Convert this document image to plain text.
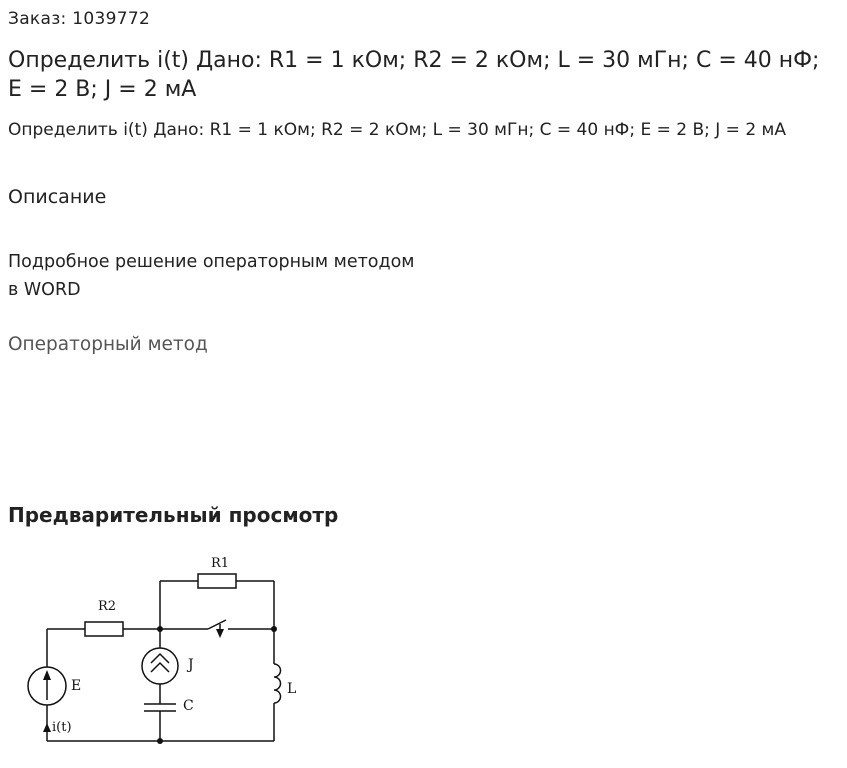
Заказ: 1039772
Определить i(t) Дано: R1 = 1 кОм; R2 = 2 кОм; L = 30 мГн; C = 40 нФ; E = 2 В; J = 2 мА
Определить i(t) Дано: R1 = 1 кОм; R2 = 2 кОм; L = 30 мГн; C = 40 нФ; E = 2 В; J = 2 мА
Описание
Подробное решение операторным методом
в WORD
Операторный метод
Предварительный просмотр
R1
R2
J
E
C
L
i(t)
